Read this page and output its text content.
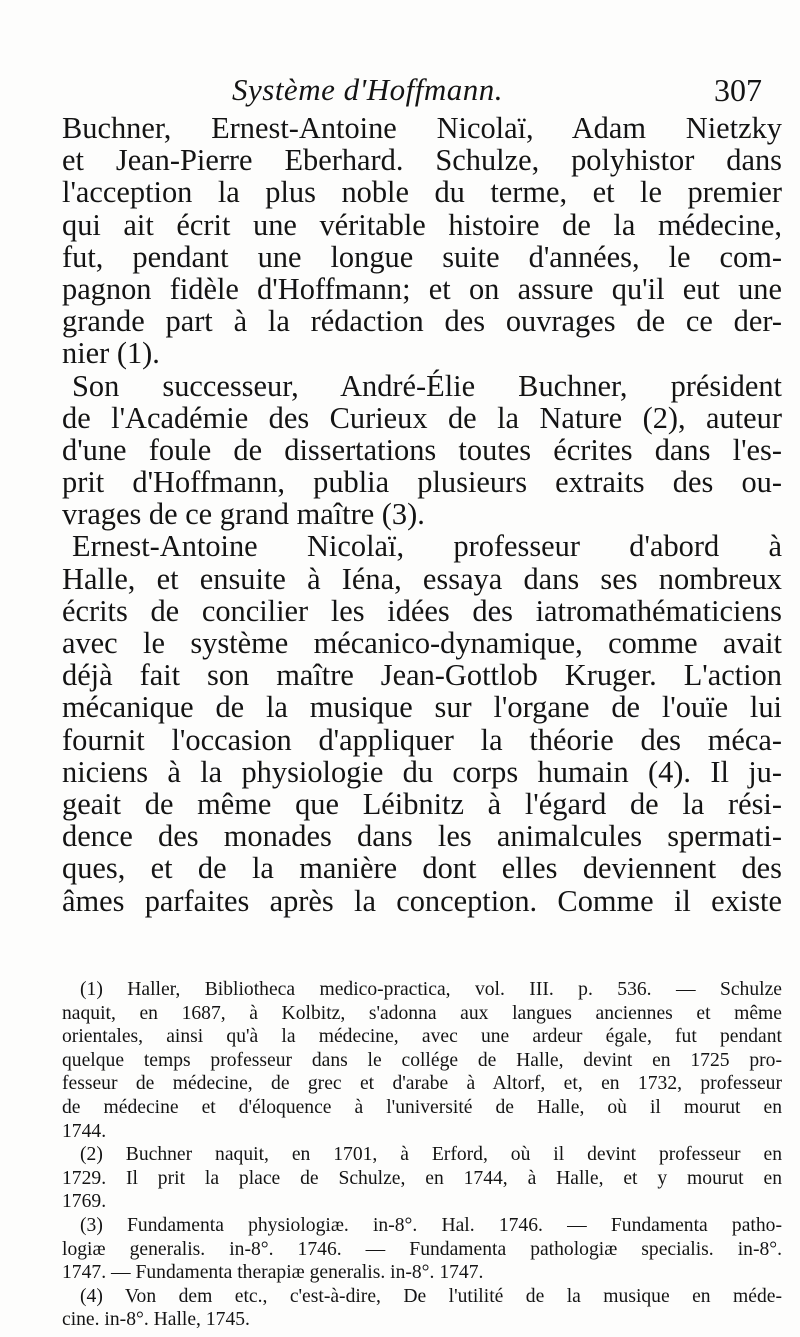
Système d'Hoffmann.	307
Buchner, Ernest-Antoine Nicolaï, Adam Nietzky
et Jean-Pierre Eberhard. Schulze, polyhistor dans
l'acception la plus noble du terme, et le premier
qui ait écrit une véritable histoire de la médecine,
fut, pendant une longue suite d'années, le com-
pagnon fidèle d'Hoffmann; et on assure qu'il eut une
grande part à la rédaction des ouvrages de ce der-
nier (1).
Son successeur, André-Élie Buchner, président
de l'Académie des Curieux de la Nature (2), auteur
d'une foule de dissertations toutes écrites dans l'es-
prit d'Hoffmann, publia plusieurs extraits des ou-
vrages de ce grand maître (3).
Ernest-Antoine Nicolaï, professeur d'abord à
Halle, et ensuite à Iéna, essaya dans ses nombreux
écrits de concilier les idées des iatromathématiciens
avec le système mécanico-dynamique, comme avait
déjà fait son maître Jean-Gottlob Kruger. L'action
mécanique de la musique sur l'organe de l'ouïe lui
fournit l'occasion d'appliquer la théorie des méca-
niciens à la physiologie du corps humain (4). Il ju-
geait de même que Léibnitz à l'égard de la rési-
dence des monades dans les animalcules spermati-
ques, et de la manière dont elles deviennent des
âmes parfaites après la conception. Comme il existe
(1) Haller, Bibliotheca medico-practica, vol. III. p. 536. — Schulze
naquit, en 1687, à Kolbitz, s'adonna aux langues anciennes et même
orientales, ainsi qu'à la médecine, avec une ardeur égale, fut pendant
quelque temps professeur dans le collége de Halle, devint en 1725 pro-
fesseur de médecine, de grec et d'arabe à Altorf, et, en 1732, professeur
de médecine et d'éloquence à l'université de Halle, où il mourut en
1744.
(2) Buchner naquit, en 1701, à Erford, où il devint professeur en
1729. Il prit la place de Schulze, en 1744, à Halle, et y mourut en
1769.
(3) Fundamenta physiologiæ. in-8°. Hal. 1746. — Fundamenta patho-
logiæ generalis. in-8°. 1746. — Fundamenta pathologiæ specialis. in-8°.
1747. — Fundamenta therapiæ generalis. in-8°. 1747.
(4) Von dem etc., c'est-à-dire, De l'utilité de la musique en méde-
cine. in-8°. Halle, 1745.
